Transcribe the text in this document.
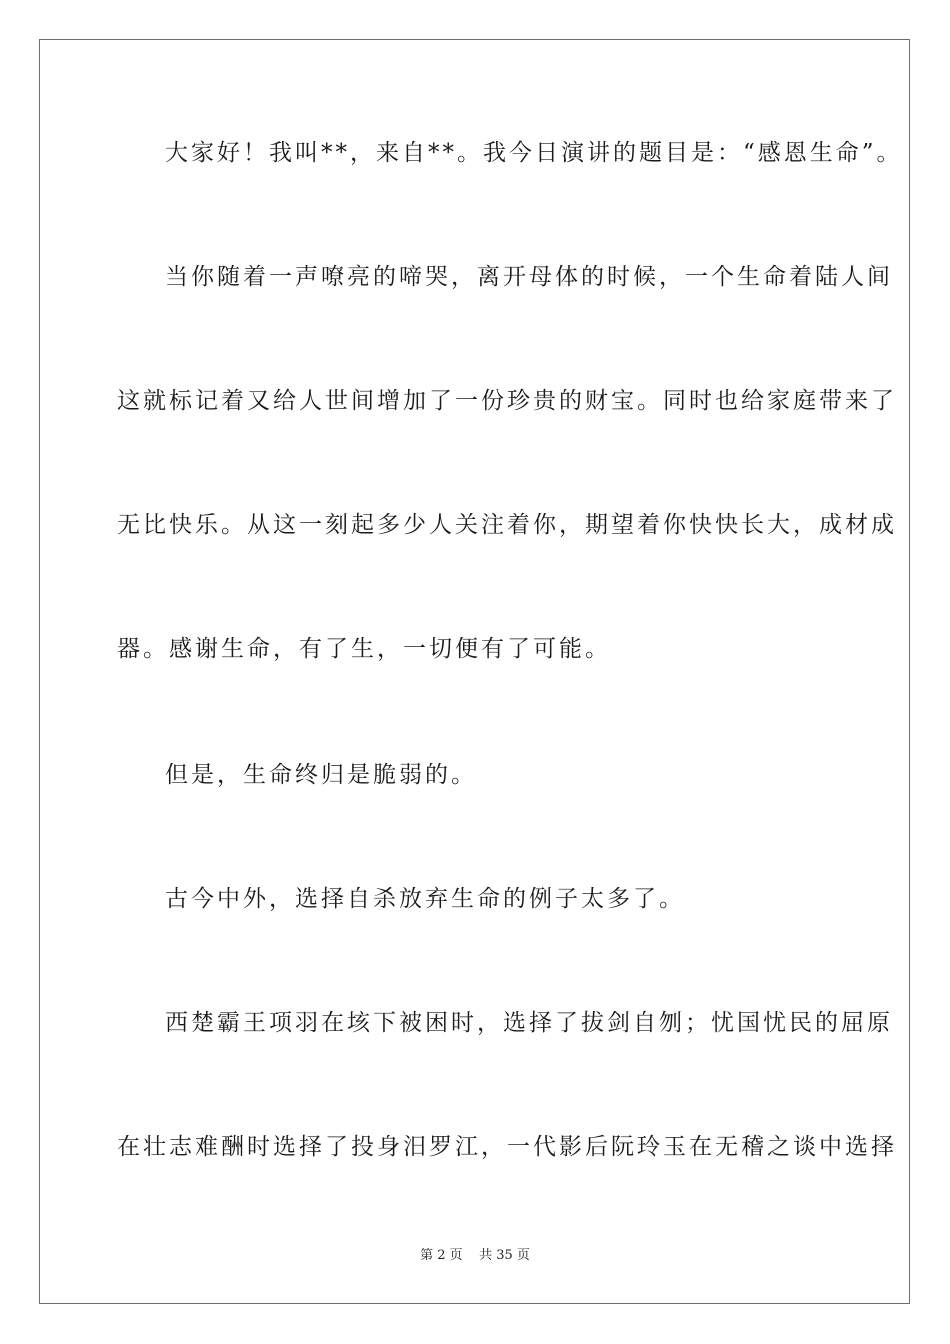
大家好！我叫**，来自**。我今日演讲的题目是：“感恩生命”。
当你随着一声嘹亮的啼哭，离开母体的时候，一个生命着陆人间
这就标记着又给人世间增加了一份珍贵的财宝。同时也给家庭带来了
无比快乐。从这一刻起多少人关注着你，期望着你快快长大，成材成
器。感谢生命，有了生，一切便有了可能。
但是，生命终归是脆弱的。
古今中外，选择自杀放弃生命的例子太多了。
西楚霸王项羽在垓下被困时，选择了拔剑自刎；忧国忧民的屈原
在壮志难酬时选择了投身汨罗江，一代影后阮玲玉在无稽之谈中选择
第 2 页    共 35 页
